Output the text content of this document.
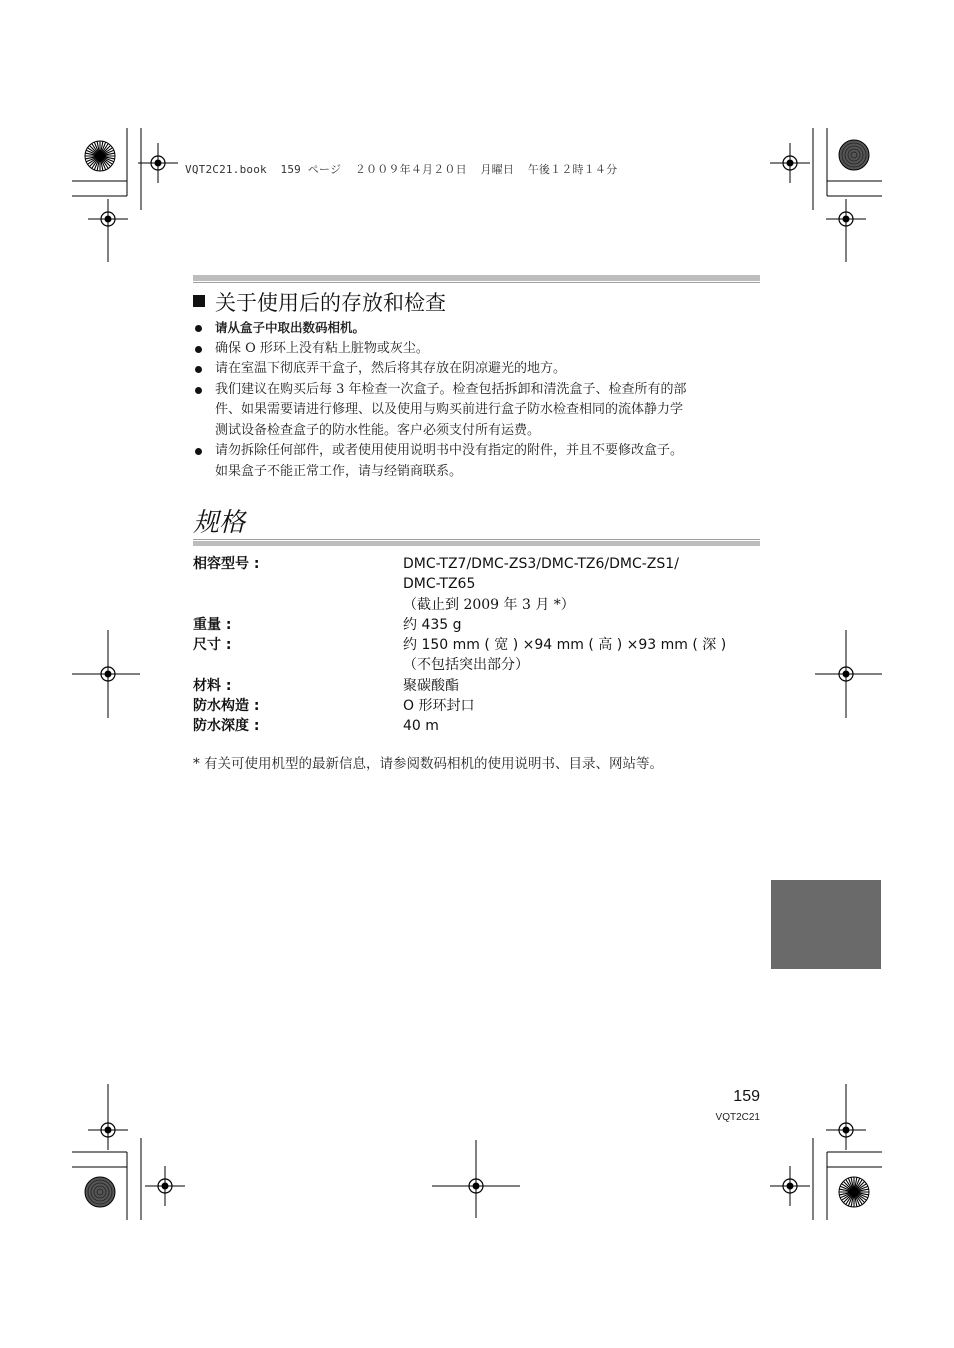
VQT2C21.book  159 ページ  ２００９年４月２０日  月曜日  午後１２時１４分
关于使用后的存放和检查
请从盒子中取出数码相机。
确保 O 形环上没有粘上脏物或灰尘。
请在室温下彻底弄干盒子，然后将其存放在阴凉避光的地方。
我们建议在购买后每 3 年检查一次盒子。检查包括拆卸和清洗盒子、检查所有的部
件、如果需要请进行修理、以及使用与购买前进行盒子防水检查相同的流体静力学
测试设备检查盒子的防水性能。客户必须支付所有运费。
请勿拆除任何部件，或者使用使用说明书中没有指定的附件，并且不要修改盒子。
如果盒子不能正常工作，请与经销商联系。
规格
相容型号 :	DMC-TZ7/DMC-ZS3/DMC-TZ6/DMC-ZS1/
DMC-TZ65
（截止到 2009 年 3 月 *）
重量 :	约 435 g
尺寸 :	约 150 mm ( 宽 ) ×94 mm ( 高 ) ×93 mm ( 深 )
（不包括突出部分）
材料 :	聚碳酸酯
防水构造 :	O 形环封口
防水深度 :	40 m
* 有关可使用机型的最新信息，请参阅数码相机的使用说明书、目录、网站等。
159
VQT2C21
